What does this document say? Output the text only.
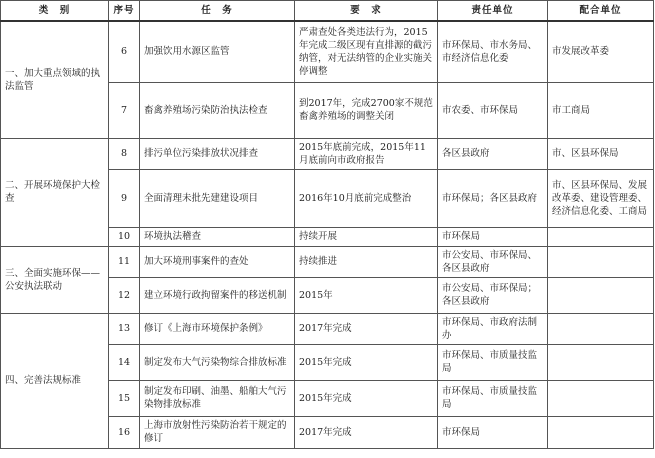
类　别	序号	任　务	要　求	责任单位	配合单位
一、加大重点领域的执法监管	6	加强饮用水源区监管	严肃查处各类违法行为，2015年完成二级区现有直排源的截污纳管，对无法纳管的企业实施关停调整	市环保局、市水务局、市经济信息化委	市发展改革委
	7	畜禽养殖场污染防治执法检查	到2017年，完成2700家不规范畜禽养殖场的调整关闭	市农委、市环保局	市工商局
二、开展环境保护大检查	8	排污单位污染排放状况排查	2015年底前完成，2015年11月底前向市政府报告	各区县政府	市、区县环保局
	9	全面清理未批先建建设项目	2016年10月底前完成整治	市环保局；各区县政府	市、区县环保局、发展改革委、建设管理委、经济信息化委、工商局
	10	环境执法稽查	持续开展	市环保局	
三、全面实施环保——公安执法联动	11	加大环境刑事案件的查处	持续推进	市公安局、市环保局、各区县政府	
	12	建立环境行政拘留案件的移送机制	2015年	市公安局、市环保局；各区县政府	
四、完善法规标准	13	修订《上海市环境保护条例》	2017年完成	市环保局、市政府法制办	
	14	制定发布大气污染物综合排放标准	2015年完成	市环保局、市质量技监局	
	15	制定发布印刷、油墨、船舶大气污染物排放标准	2015年完成	市环保局、市质量技监局	
	16	上海市放射性污染防治若干规定的修订	2017年完成	市环保局	
